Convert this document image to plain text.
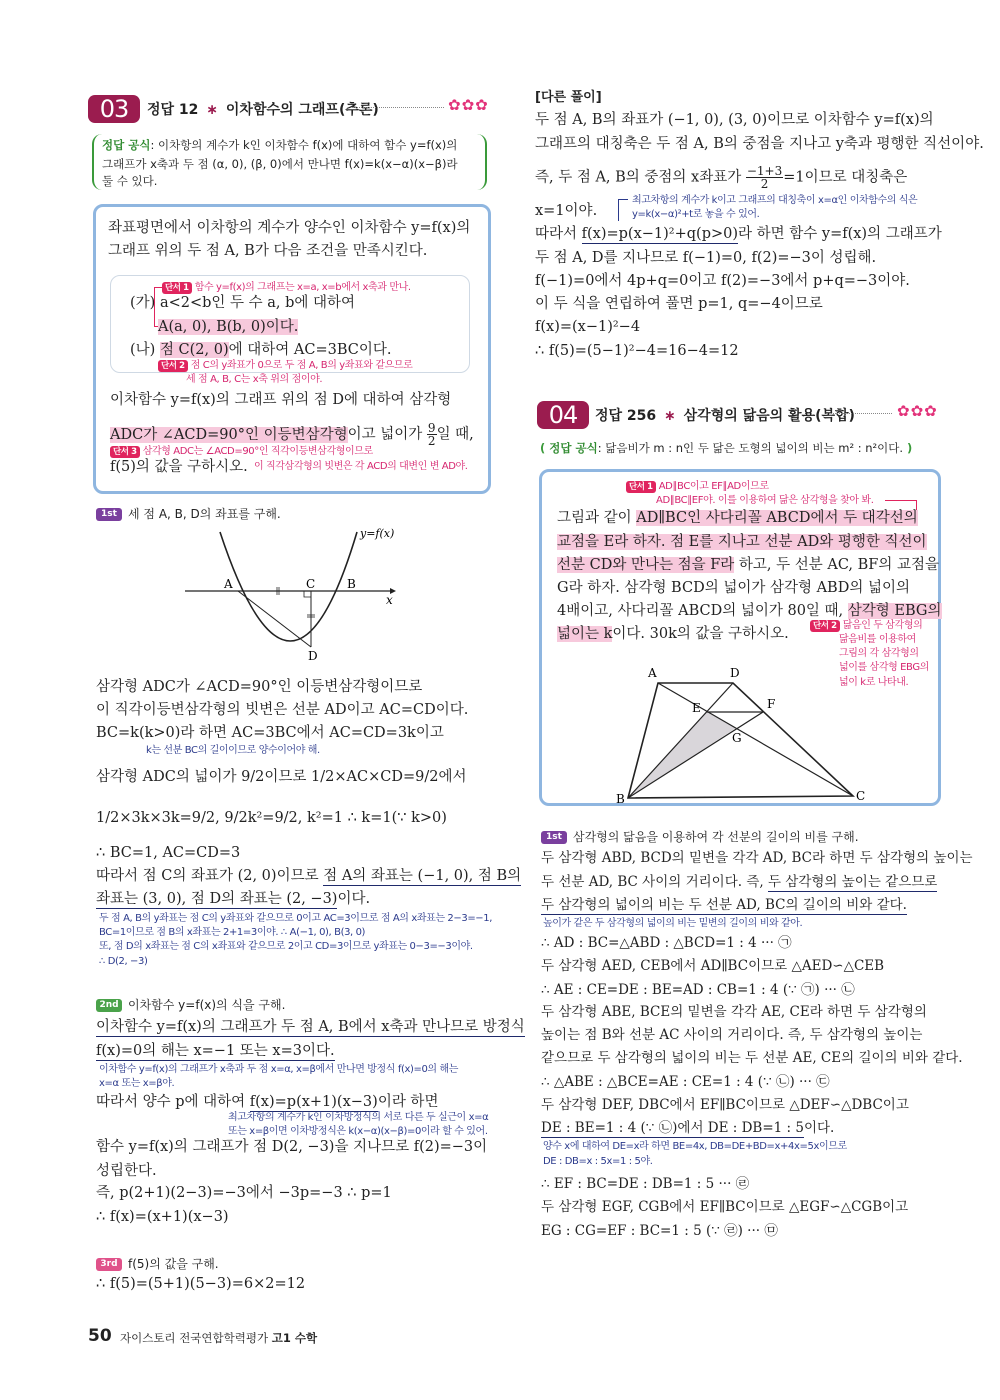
03	정답 12 ∗ 이차함수의 그래프(추론)	✿✿✿
정답 공식: 이차항의 계수가 k인 이차함수 f(x)에 대하여 함수 y=f(x)의
그래프가 x축과 두 점 (α, 0), (β, 0)에서 만나면 f(x)=k(x−α)(x−β)라
둘 수 있다.
좌표평면에서 이차항의 계수가 양수인 이차함수 y=f(x)의
그래프 위의 두 점 A, B가 다음 조건을 만족시킨다.
단서 1 함수 y=f(x)의 그래프는 x=a, x=b에서 x축과 만나.
(가) a<2<b인 두 수 a, b에 대하여
A(a, 0), B(b, 0)이다.
(나) 점 C(2, 0)에 대하여 AC=3BC이다.
단서 2 점 C의 y좌표가 0으로 두 점 A, B의 y좌표와 같으므로
세 점 A, B, C는 x축 위의 점이야.
이차함수 y=f(x)의 그래프 위의 점 D에 대하여 삼각형
ADC가 ∠ACD=90°인 이등변삼각형이고 넓이가 $\frac{9}{2}$ 일 때,
단서 3 삼각형 ADC는 ∠ACD=90°인 직각이등변삼각형이므로
f(5)의 값을 구하시오. 이 직각삼각형의 빗변은 각 ACD의 대변인 변 AD야.
1st 세 점 A, B, D의 좌표를 구해.
A	C	B
D
x
y=f(x)
삼각형 ADC가 ∠ACD=90°인 이등변삼각형이므로
이 직각이등변삼각형의 빗변은 선분 AD이고 AC=CD이다.
BC=k(k>0)라 하면 AC=3BC에서 AC=CD=3k이고
k는 선분 BC의 길이이므로 양수이어야 해.
삼각형 ADC의 넓이가 9/2이므로 1/2×AC×CD=9/2에서
1/2×3k×3k=9/2, 9/2k²=9/2, k²=1 ∴ k=1(∵ k>0)
∴ BC=1, AC=CD=3
따라서 점 C의 좌표가 (2, 0)이므로 점 A의 좌표는 (−1, 0), 점 B의
좌표는 (3, 0), 점 D의 좌표는 (2, −3)이다.
두 점 A, B의 y좌표는 점 C의 y좌표와 같으므로 0이고 AC=3이므로 점 A의 x좌표는 2−3=−1,
BC=1이므로 점 B의 x좌표는 2+1=3이야. ∴ A(−1, 0), B(3, 0)
또, 점 D의 x좌표는 점 C의 x좌표와 같으므로 2이고 CD=3이므로 y좌표는 0−3=−3이야.
∴ D(2, −3)
2nd 이차함수 y=f(x)의 식을 구해.
이차함수 y=f(x)의 그래프가 두 점 A, B에서 x축과 만나므로 방정식
f(x)=0의 해는 x=−1 또는 x=3이다.
이차함수 y=f(x)의 그래프가 x축과 두 점 x=α, x=β에서 만나면 방정식 f(x)=0의 해는
x=α 또는 x=β야.
따라서 양수 p에 대하여 f(x)=p(x+1)(x−3)이라 하면
최고차항의 계수가 k인 이차방정식의 서로 다른 두 실근이 x=α
또는 x=β이면 이차방정식은 k(x−α)(x−β)=0이라 할 수 있어.
함수 y=f(x)의 그래프가 점 D(2, −3)을 지나므로 f(2)=−3이
성립한다.
즉, p(2+1)(2−3)=−3에서 −3p=−3 ∴ p=1
∴ f(x)=(x+1)(x−3)
3rd f(5)의 값을 구해.
∴ f(5)=(5+1)(5−3)=6×2=12
[다른 풀이]
두 점 A, B의 좌표가 (−1, 0), (3, 0)이므로 이차함수 y=f(x)의
그래프의 대칭축은 두 점 A, B의 중점을 지나고 y축과 평행한 직선이야.
즉, 두 점 A, B의 중점의 x좌표가 $\frac{-1+3}{2} =1$이므로 대칭축은
x=1이야.
최고차항의 계수가 k이고 그래프의 대칭축이 x=α인 이차함수의 식은
y=k(x−α)²+t로 놓을 수 있어.
따라서 f(x)=p(x−1)²+q(p>0)라 하면 함수 y=f(x)의 그래프가
두 점 A, D를 지나므로 f(−1)=0, f(2)=−3이 성립해.
f(−1)=0에서 4p+q=0이고 f(2)=−3에서 p+q=−3이야.
이 두 식을 연립하여 풀면 p=1, q=−4이므로
f(x)=(x−1)²−4
∴ f(5)=(5−1)²−4=16−4=12
04	정답 256 ∗ 삼각형의 닮음의 활용(복합)	✿✿✿
( 정답 공식: 닮음비가 m : n인 두 닮은 도형의 넓이의 비는 m² : n²이다. )
단서 1 AD∥BC이고 EF∥AD이므로
AD∥BC∥EF야. 이를 이용하여 닮은 삼각형을 찾아 봐.
그림과 같이 AD∥BC인 사다리꼴 ABCD에서 두 대각선의
교점을 E라 하자. 점 E를 지나고 선분 AD와 평행한 직선이
선분 CD와 만나는 점을 F라 하고, 두 선분 AC, BF의 교점을
G라 하자. 삼각형 BCD의 넓이가 삼각형 ABD의 넓이의
4배이고, 사다리꼴 ABCD의 넓이가 80일 때, 삼각형 EBG의
넓이는 k이다. 30k의 값을 구하시오.	단서 2 닮음인 두 삼각형의
닮음비를 이용하여
그림의 각 삼각형의
넓이를 삼각형 EBG의
넓이 k로 나타내.
A	D
E	F
G
B	C
1st 삼각형의 닮음을 이용하여 각 선분의 길이의 비를 구해.
두 삼각형 ABD, BCD의 밑변을 각각 AD, BC라 하면 두 삼각형의 높이는
두 선분 AD, BC 사이의 거리이다. 즉, 두 삼각형의 높이는 같으므로
두 삼각형의 넓이의 비는 두 선분 AD, BC의 길이의 비와 같다.
높이가 같은 두 삼각형의 넓이의 비는 밑변의 길이의 비와 같아.
∴ AD : BC=△ABD : △BCD=1 : 4 ··· ㉠
두 삼각형 AED, CEB에서 AD∥BC이므로 △AED∽△CEB
∴ AE : CE=DE : BE=AD : CB=1 : 4 (∵ ㉠) ··· ㉡
두 삼각형 ABE, BCE의 밑변을 각각 AE, CE라 하면 두 삼각형의
높이는 점 B와 선분 AC 사이의 거리이다. 즉, 두 삼각형의 높이는
같으므로 두 삼각형의 넓이의 비는 두 선분 AE, CE의 길이의 비와 같다.
∴ △ABE : △BCE=AE : CE=1 : 4 (∵ ㉡) ··· ㉢
두 삼각형 DEF, DBC에서 EF∥BC이므로 △DEF∽△DBC이고
DE : BE=1 : 4 (∵ ㉡)에서 DE : DB=1 : 5이다.
양수 x에 대하여 DE=x라 하면 BE=4x, DB=DE+BD=x+4x=5x이므로
DE : DB=x : 5x=1 : 5야.
∴ EF : BC=DE : DB=1 : 5 ··· ㉣
두 삼각형 EGF, CGB에서 EF∥BC이므로 △EGF∽△CGB이고
EG : CG=EF : BC=1 : 5 (∵ ㉣) ··· ㉤
50 자이스토리 전국연합학력평가 고1 수학
